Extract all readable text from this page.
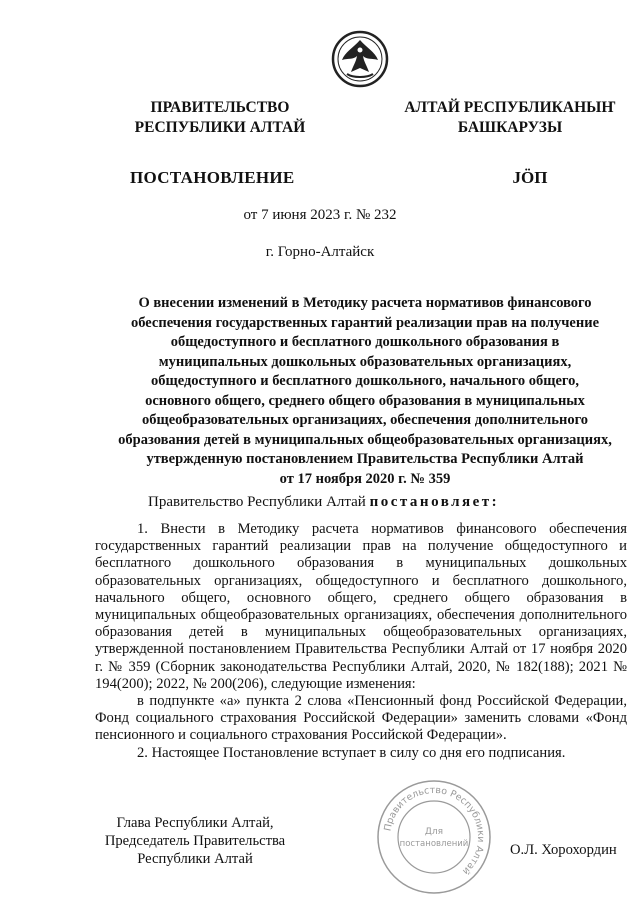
ПРАВИТЕЛЬСТВО
РЕСПУБЛИКИ АЛТАЙ
АЛТАЙ РЕСПУБЛИКАНЫҤ
БАШКАРУЗЫ
ПОСТАНОВЛЕНИЕ	JӦП
от 7 июня 2023 г. № 232
г. Горно-Алтайск
О внесении изменений в Методику расчета нормативов финансового
обеспечения государственных гарантий реализации прав на получение
общедоступного и бесплатного дошкольного образования в
муниципальных дошкольных образовательных организациях,
общедоступного и бесплатного дошкольного, начального общего,
основного общего, среднего общего образования в муниципальных
общеобразовательных организациях, обеспечения дополнительного
образования детей в муниципальных общеобразовательных организациях,
утвержденную постановлением Правительства Республики Алтай
от 17 ноября 2020 г. № 359
Правительство Республики Алтай постановляет:

1. Внести в Методику расчета нормативов финансового обеспечения государственных гарантий реализации прав на получение общедоступного и бесплатного дошкольного образования в муниципальных дошкольных образовательных организациях, общедоступного и бесплатного дошкольного, начального общего, основного общего, среднего общего образования в муниципальных общеобразовательных организациях, обеспечения дополнительного образования детей в муниципальных общеобразовательных организациях, утвержденной постановлением Правительства Республики Алтай от 17 ноября 2020 г. № 359 (Сборник законодательства Республики Алтай, 2020, № 182(188); 2021 № 194(200); 2022, № 200(206), следующие изменения:

в подпункте «а» пункта 2 слова «Пенсионный фонд Российской Федерации, Фонд социального страхования Российской Федерации» заменить словами «Фонд пенсионного и социального страхования Российской Федерации».

2. Настоящее Постановление вступает в силу со дня его подписания.

Глава Республики Алтай,
Председатель Правительства
Республики Алтай
Правительство Республики Алтай
Для
постановлений	О.Л. Хорохордин
